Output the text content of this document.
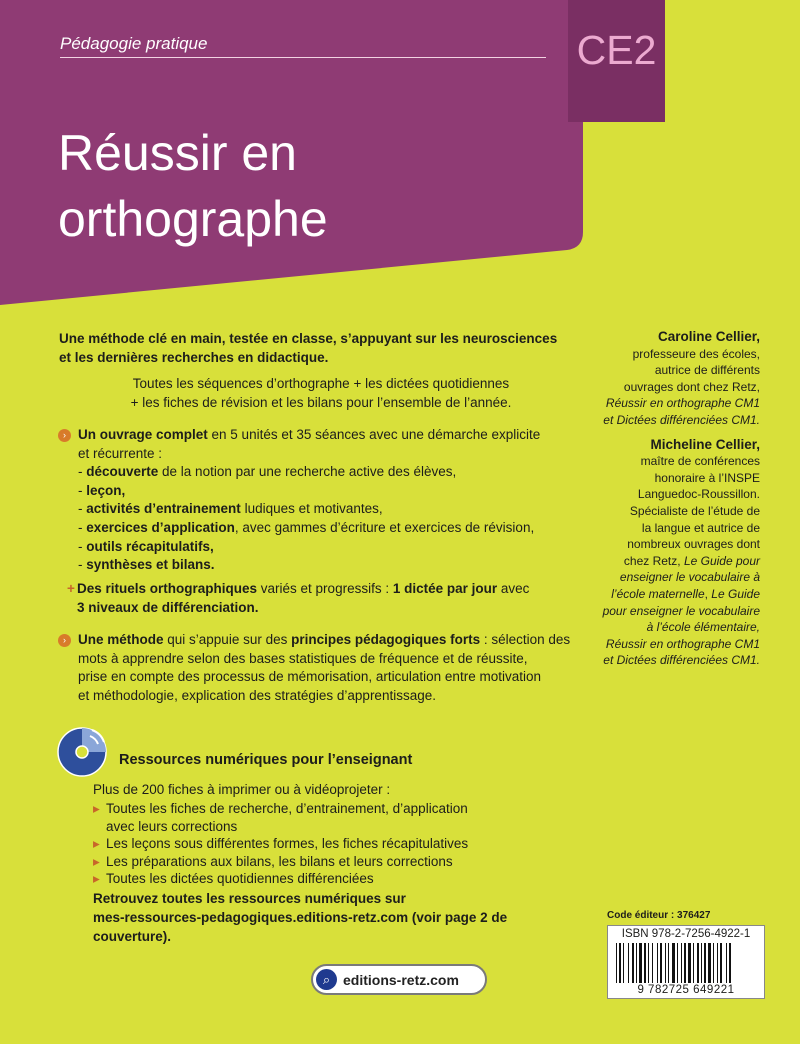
CE2
Pédagogie pratique
Réussir en
orthographe
Une méthode clé en main, testée en classe, s’appuyant sur les neurosciences
et les dernières recherches en didactique.
Toutes les séquences d’orthographe + les dictées quotidiennes
+ les fiches de révision et les bilans pour l’ensemble de l’année.
› Un ouvrage complet en 5 unités et 35 séances avec une démarche explicite
et récurrente :
- découverte de la notion par une recherche active des élèves,
- leçon,
- activités d’entrainement ludiques et motivantes,
- exercices d’application, avec gammes d’écriture et exercices de révision,
- outils récapitulatifs,
- synthèses et bilans.
+ Des rituels orthographiques variés et progressifs : 1 dictée par jour avec
3 niveaux de différenciation.
› Une méthode qui s’appuie sur des principes pédagogiques forts : sélection des
mots à apprendre selon des bases statistiques de fréquence et de réussite,
prise en compte des processus de mémorisation, articulation entre motivation
et méthodologie, explication des stratégies d’apprentissage.
Caroline Cellier,
professeure des écoles,
autrice de différents
ouvrages dont chez Retz,
Réussir en orthographe CM1
et Dictées différenciées CM1.
Micheline Cellier,
maître de conférences
honoraire à l’INSPE
Languedoc-Roussillon.
Spécialiste de l’étude de
la langue et autrice de
nombreux ouvrages dont
chez Retz, Le Guide pour
enseigner le vocabulaire à
l’école maternelle, Le Guide
pour enseigner le vocabulaire
à l’école élémentaire,
Réussir en orthographe CM1
et Dictées différenciées CM1.
Ressources numériques pour l’enseignant
Plus de 200 fiches à imprimer ou à vidéoprojeter :
▸ Toutes les fiches de recherche, d’entrainement, d’application
avec leurs corrections
▸ Les leçons sous différentes formes, les fiches récapitulatives
▸ Les préparations aux bilans, les bilans et leurs corrections
▸ Toutes les dictées quotidiennes différenciées
Retrouvez toutes les ressources numériques sur
mes-ressources-pedagogiques.editions-retz.com (voir page 2 de couverture).
Code éditeur : 376427
ISBN 978-2-7256-4922-1
9 782725 649221
⌕ editions-retz.com
